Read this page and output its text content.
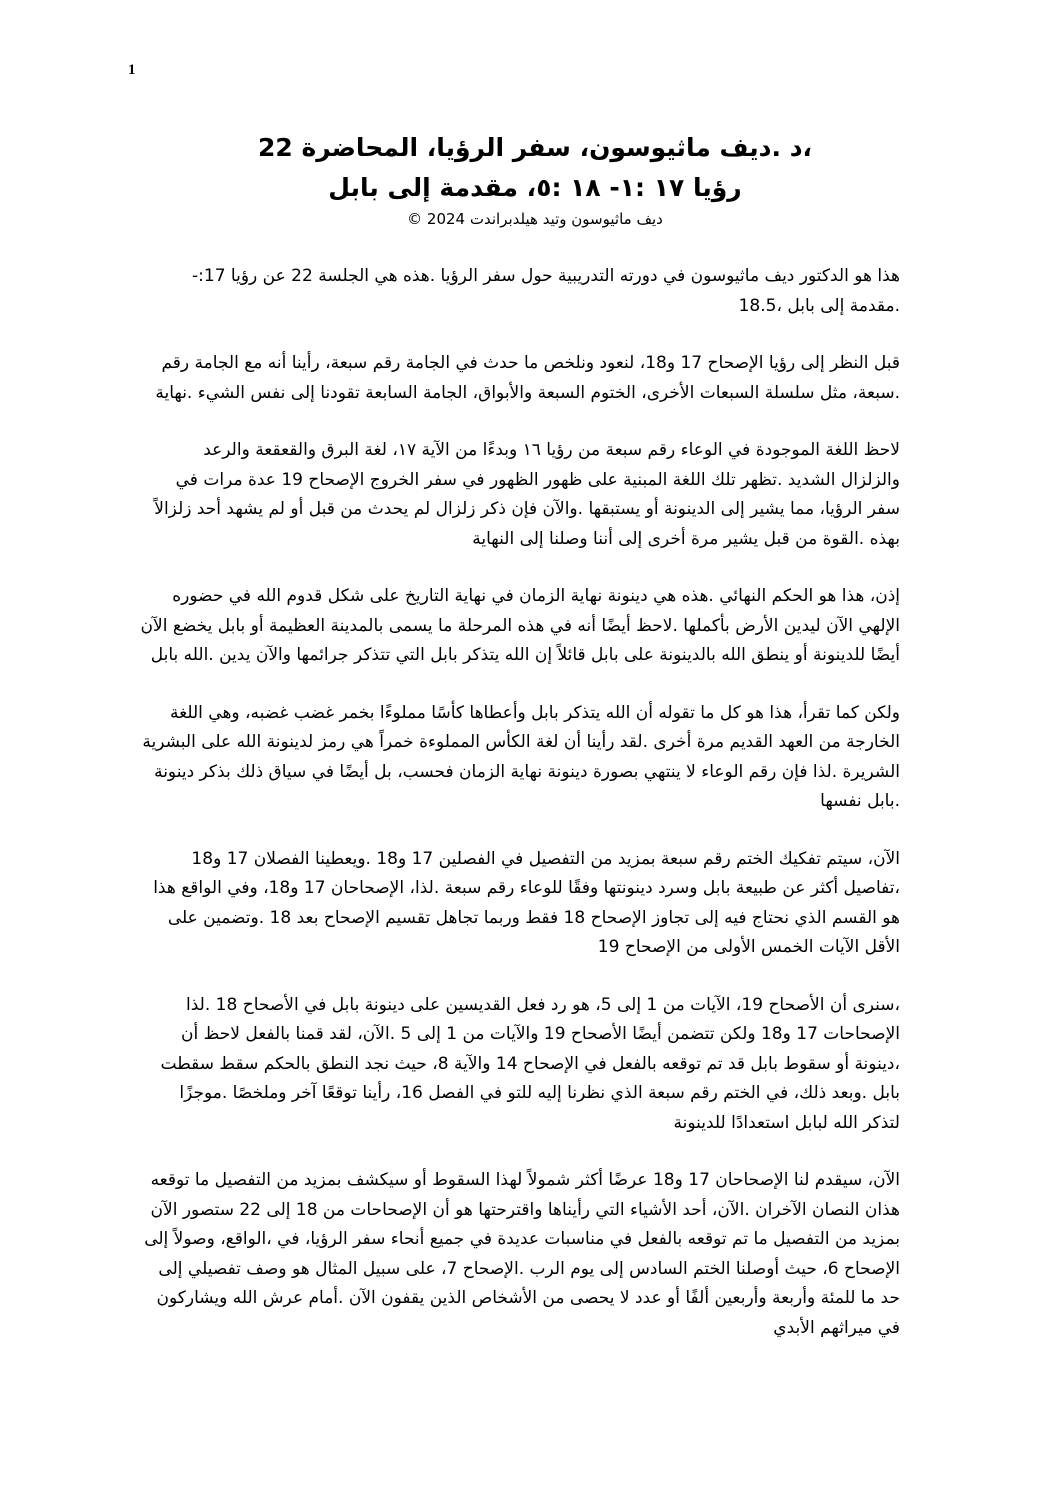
1

،د .ديف ماثيوسون، سفر الرؤيا، المحاضرة 22

رؤيا ١٧ :١- ١٨ :٥، مقدمة إلى بابل

ديف ماثيوسون وتيد هيلدبراندت 2024 ©

هذا هو الدكتور ديف ماثيوسون في دورته التدريبية حول سفر الرؤيا .هذه هي الجلسة 22 عن رؤيا 17:- .مقدمة إلى بابل ،18.5

قبل النظر إلى رؤيا الإصحاح 17 و18، لنعود ونلخص ما حدث في الجامة رقم سبعة، رأينا أنه مع الجامة رقم .سبعة، مثل سلسلة السبعات الأخرى، الختوم السبعة والأبواق، الجامة السابعة تقودنا إلى نفس الشيء .نهاية

لاحظ اللغة الموجودة في الوعاء رقم سبعة من رؤيا ١٦ وبدءًا من الآية ١٧، لغة البرق والقعقعة والرعد والزلزال الشديد .تظهر تلك اللغة المبنية على ظهور الظهور في سفر الخروج الإصحاح 19 عدة مرات في سفر الرؤيا، مما يشير إلى الدينونة أو يستبقها .والآن فإن ذكر زلزال لم يحدث من قبل أو لم يشهد أحد زلزالاً بهذه .القوة من قبل يشير مرة أخرى إلى أننا وصلنا إلى النهاية

إذن، هذا هو الحكم النهائي .هذه هي دينونة نهاية الزمان في نهاية التاريخ على شكل قدوم الله في حضوره الإلهي الآن ليدين الأرض بأكملها .لاحظ أيضًا أنه في هذه المرحلة ما يسمى بالمدينة العظيمة أو بابل يخضع الآن أيضًا للدينونة أو ينطق الله بالدينونة على بابل قائلاً إن الله يتذكر بابل التي تتذكر جرائمها والآن يدين .الله بابل

ولكن كما تقرأ، هذا هو كل ما تقوله أن الله يتذكر بابل وأعطاها كأسًا مملوءًا بخمر غضب غضبه، وهي اللغة الخارجة من العهد القديم مرة أخرى .لقد رأينا أن لغة الكأس المملوءة خمراً هي رمز لدينونة الله على البشرية الشريرة .لذا فإن رقم الوعاء لا ينتهي بصورة دينونة نهاية الزمان فحسب، بل أيضًا في سياق ذلك بذكر دينونة .بابل نفسها

الآن، سيتم تفكيك الختم رقم سبعة بمزيد من التفصيل في الفصلين 17 و18 .ويعطينا الفصلان 17 و18 ،تفاصيل أكثر عن طبيعة بابل وسرد دينونتها وفقًا للوعاء رقم سبعة .لذا، الإصحاحان 17 و18، وفي الواقع هذا هو القسم الذي نحتاج فيه إلى تجاوز الإصحاح 18 فقط وربما تجاهل تقسيم الإصحاح بعد 18 .وتضمين على الأقل الآيات الخمس الأولى من الإصحاح 19

،سنرى أن الأصحاح 19، الآيات من 1 إلى 5، هو رد فعل القديسين على دينونة بابل في الأصحاح 18 .لذا الإصحاحات 17 و18 ولكن تتضمن أيضًا الأصحاح 19 والآيات من 1 إلى 5 .الآن، لقد قمنا بالفعل لاحظ أن ،دينونة أو سقوط بابل قد تم توقعه بالفعل في الإصحاح 14 والآية 8، حيث نجد النطق بالحكم سقط سقطت بابل .وبعد ذلك، في الختم رقم سبعة الذي نظرنا إليه للتو في الفصل 16، رأينا توقعًا آخر وملخصًا .موجزًا لتذكر الله لبابل استعدادًا للدينونة

الآن، سيقدم لنا الإصحاحان 17 و18 عرضًا أكثر شمولاً لهذا السقوط أو سيكشف بمزيد من التفصيل ما توقعه هذان النصان الآخران .الآن، أحد الأشياء التي رأيناها واقترحتها هو أن الإصحاحات من 18 إلى 22 ستصور الآن بمزيد من التفصيل ما تم توقعه بالفعل في مناسبات عديدة في جميع أنحاء سفر الرؤيا، في ،الواقع، وصولاً إلى الإصحاح 6، حيث أوصلنا الختم السادس إلى يوم الرب .الإصحاح 7، على سبيل المثال هو وصف تفصيلي إلى حد ما للمئة وأربعة وأربعين ألفًا أو عدد لا يحصى من الأشخاص الذين يقفون الآن .أمام عرش الله ويشاركون في ميراثهم الأبدي
